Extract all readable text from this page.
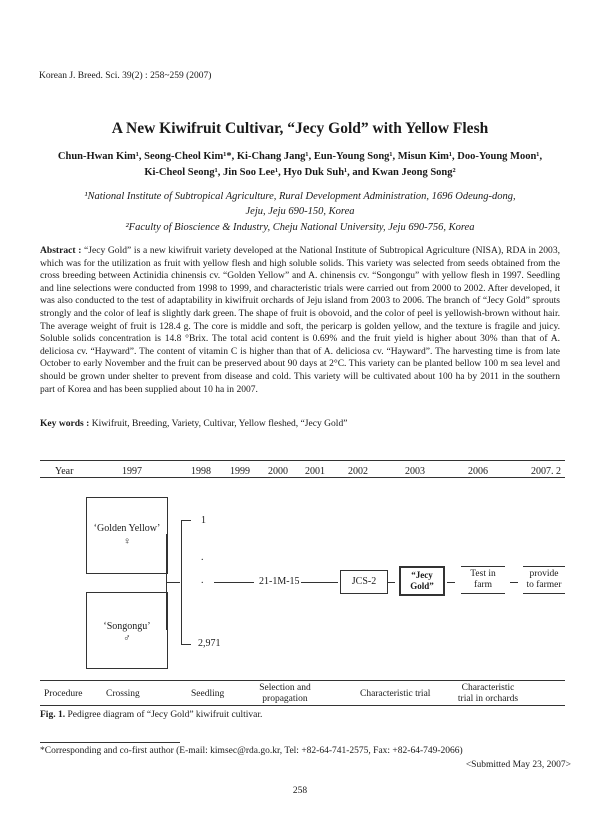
Korean J. Breed. Sci. 39(2) : 258~259 (2007)
A New Kiwifruit Cultivar, “Jecy Gold” with Yellow Flesh
Chun-Hwan Kim¹, Seong-Cheol Kim¹*, Ki-Chang Jang¹, Eun-Young Song¹, Misun Kim¹, Doo-Young Moon¹,
Ki-Cheol Seong¹, Jin Soo Lee¹, Hyo Duk Suh¹, and Kwan Jeong Song²
¹National Institute of Subtropical Agriculture, Rural Development Administration, 1696 Odeung-dong,
Jeju, Jeju 690-150, Korea
²Faculty of Bioscience & Industry, Cheju National University, Jeju 690-756, Korea
Abstract : “Jecy Gold” is a new kiwifruit variety developed at the National Institute of Subtropical Agriculture (NISA), RDA in 2003, which was for the utilization as fruit with yellow flesh and high soluble solids. This variety was selected from seeds obtained from the cross breeding between Actinidia chinensis cv. “Golden Yellow” and A. chinensis cv. “Songongu” with yellow flesh in 1997. Seedling and line selections were conducted from 1998 to 1999, and characteristic trials were carried out from 2000 to 2002. After developed, it was also conducted to the test of adaptability in kiwifruit orchards of Jeju island from 2003 to 2006. The branch of “Jecy Gold” sprouts strongly and the color of leaf is slightly dark green. The shape of fruit is obovoid, and the color of peel is yellowish-brown without hair. The average weight of fruit is 128.4 g. The core is middle and soft, the pericarp is golden yellow, and the texture is fragile and juicy. Soluble solids concentration is 14.8 °Brix. The total acid content is 0.69% and the fruit yield is higher about 30% than that of A. deliciosa cv. “Hayward”. The content of vitamin C is higher than that of A. deliciosa cv. “Hayward”. The harvesting time is from late October to early November and the fruit can be preserved about 90 days at 2°C. This variety can be planted bellow 100 m sea level and should be grown under shelter to prevent from disease and cold. This variety will be cultivated about 100 ha by 2011 in the southern part of Korea and has been supplied about 10 ha in 2007.
Key words : Kiwifruit, Breeding, Variety, Cultivar, Yellow fleshed, “Jecy Gold”
Year	1997	1998 1999 2000 2001 2002	2003	2006	2007. 2
‘Golden Yellow’
♀
‘Songongu’
♂
1
.
.
2,971
21-1M-15	JCS-2
“Jecy
Gold”
Test in
farm
provide
to farmer
Procedure Crossing	Seedling
Selection and
propagation	Characteristic trial
Characteristic
trial in orchards
Fig. 1. Pedigree diagram of “Jecy Gold” kiwifruit cultivar.
*Corresponding and co-first author (E-mail: kimsec@rda.go.kr, Tel: +82-64-741-2575, Fax: +82-64-749-2066)
<Submitted May 23, 2007>
258
